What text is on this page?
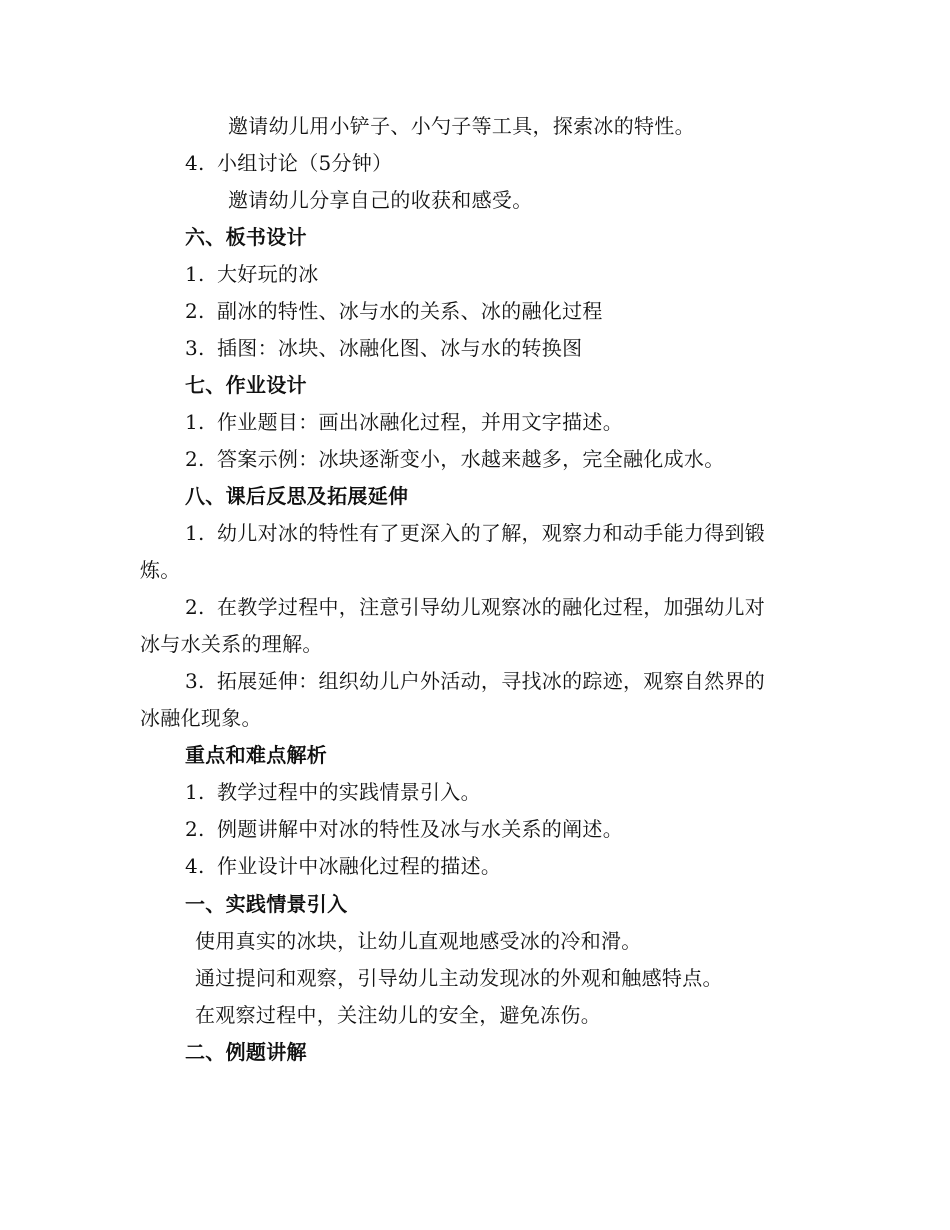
邀请幼儿用小铲子、小勺子等工具，探索冰的特性。
4. 小组讨论（5分钟）
邀请幼儿分享自己的收获和感受。
六、板书设计
1. 大好玩的冰
2. 副冰的特性、冰与水的关系、冰的融化过程
3. 插图：冰块、冰融化图、冰与水的转换图
七、作业设计
1. 作业题目：画出冰融化过程，并用文字描述。
2. 答案示例：冰块逐渐变小，水越来越多，完全融化成水。
八、课后反思及拓展延伸
1. 幼儿对冰的特性有了更深入的了解，观察力和动手能力得到锻
炼。
2. 在教学过程中，注意引导幼儿观察冰的融化过程，加强幼儿对
冰与水关系的理解。
3. 拓展延伸：组织幼儿户外活动，寻找冰的踪迹，观察自然界的
冰融化现象。
重点和难点解析
1. 教学过程中的实践情景引入。
2. 例题讲解中对冰的特性及冰与水关系的阐述。
4. 作业设计中冰融化过程的描述。
一、实践情景引入
使用真实的冰块，让幼儿直观地感受冰的冷和滑。
通过提问和观察，引导幼儿主动发现冰的外观和触感特点。
在观察过程中，关注幼儿的安全，避免冻伤。
二、例题讲解
